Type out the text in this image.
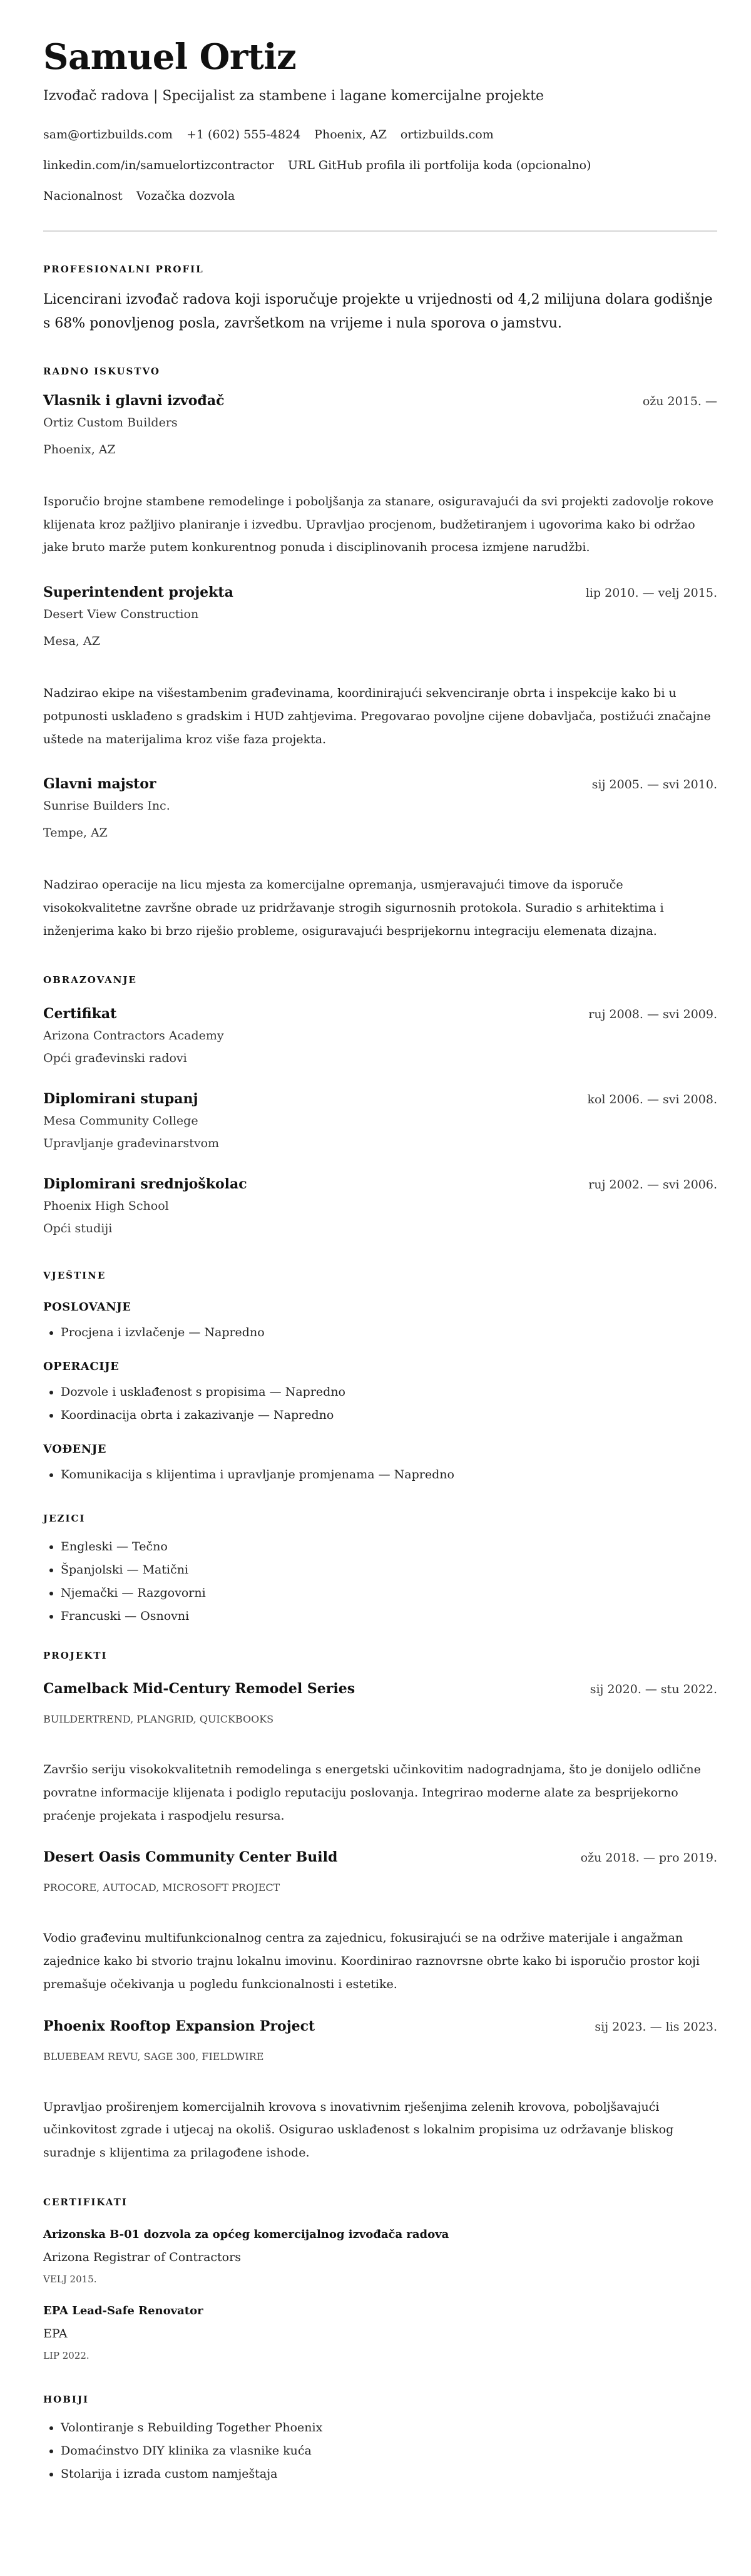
Samuel Ortiz
Izvođač radova | Specijalist za stambene i lagane komercijalne projekte
sam@ortizbuilds.com +1 (602) 555-4824 Phoenix, AZ ortizbuilds.com
linkedin.com/in/samuelortizcontractor URL GitHub profila ili portfolija koda (opcionalno)
Nacionalnost Vozačka dozvola
PROFESIONALNI PROFIL

Licencirani izvođač radova koji isporučuje projekte u vrijednosti od 4,2 milijuna dolara godišnje s 68% ponovljenog posla, završetkom na vrijeme i nula sporova o jamstvu.

RADNO ISKUSTVO
Vlasnik i glavni izvođač	ožu 2015. —
Ortiz Custom Builders
Phoenix, AZ
Isporučio brojne stambene remodelinge i poboljšanja za stanare, osiguravajući da svi projekti zadovolje rokove klijenata kroz pažljivo planiranje i izvedbu. Upravljao procjenom, budžetiranjem i ugovorima kako bi održao jake bruto marže putem konkurentnog ponuda i disciplinovanih procesa izmjene narudžbi.
Superintendent projekta	lip 2010. — velj 2015.
Desert View Construction
Mesa, AZ
Nadzirao ekipe na višestambenim građevinama, koordinirajući sekvenciranje obrta i inspekcije kako bi u potpunosti usklađeno s gradskim i HUD zahtjevima. Pregovarao povoljne cijene dobavljača, postižući značajne uštede na materijalima kroz više faza projekta.
Glavni majstor	sij 2005. — svi 2010.
Sunrise Builders Inc.
Tempe, AZ
Nadzirao operacije na licu mjesta za komercijalne opremanja, usmjeravajući timove da isporuče visokokvalitetne završne obrade uz pridržavanje strogih sigurnosnih protokola. Suradio s arhitektima i inženjerima kako bi brzo riješio probleme, osiguravajući besprijekornu integraciju elemenata dizajna.
OBRAZOVANJE
Certifikat	ruj 2008. — svi 2009.
Arizona Contractors Academy
Opći građevinski radovi
Diplomirani stupanj	kol 2006. — svi 2008.
Mesa Community College
Upravljanje građevinarstvom
Diplomirani srednjoškolac	ruj 2002. — svi 2006.
Phoenix High School
Opći studiji
VJEŠTINE
POSLOVANJE
• Procjena i izvlačenje — Napredno
OPERACIJE
• Dozvole i usklađenost s propisima — Napredno
• Koordinacija obrta i zakazivanje — Napredno
VOĐENJE
• Komunikacija s klijentima i upravljanje promjenama — Napredno
JEZICI
• Engleski — Tečno
• Španjolski — Matični
• Njemački — Razgovorni
• Francuski — Osnovni
PROJEKTI
Camelback Mid-Century Remodel Series	sij 2020. — stu 2022.
BUILDERTREND, PLANGRID, QUICKBOOKS
Završio seriju visokokvalitetnih remodelinga s energetski učinkovitim nadogradnjama, što je donijelo odlične povratne informacije klijenata i podiglo reputaciju poslovanja. Integrirao moderne alate za besprijekorno praćenje projekata i raspodjelu resursa.
Desert Oasis Community Center Build	ožu 2018. — pro 2019.
PROCORE, AUTOCAD, MICROSOFT PROJECT
Vodio građevinu multifunkcionalnog centra za zajednicu, fokusirajući se na održive materijale i angažman zajednice kako bi stvorio trajnu lokalnu imovinu. Koordinirao raznovrsne obrte kako bi isporučio prostor koji premašuje očekivanja u pogledu funkcionalnosti i estetike.
Phoenix Rooftop Expansion Project	sij 2023. — lis 2023.
BLUEBEAM REVU, SAGE 300, FIELDWIRE
Upravljao proširenjem komercijalnih krovova s inovativnim rješenjima zelenih krovova, poboljšavajući učinkovitost zgrade i utjecaj na okoliš. Osigurao usklađenost s lokalnim propisima uz održavanje bliskog suradnje s klijentima za prilagođene ishode.
CERTIFIKATI
Arizonska B-01 dozvola za općeg komercijalnog izvođača radova
Arizona Registrar of Contractors
VELJ 2015.
EPA Lead-Safe Renovator
EPA
LIP 2022.
HOBIJI
• Volontiranje s Rebuilding Together Phoenix
• Domaćinstvo DIY klinika za vlasnike kuća
• Stolarija i izrada custom namještaja
